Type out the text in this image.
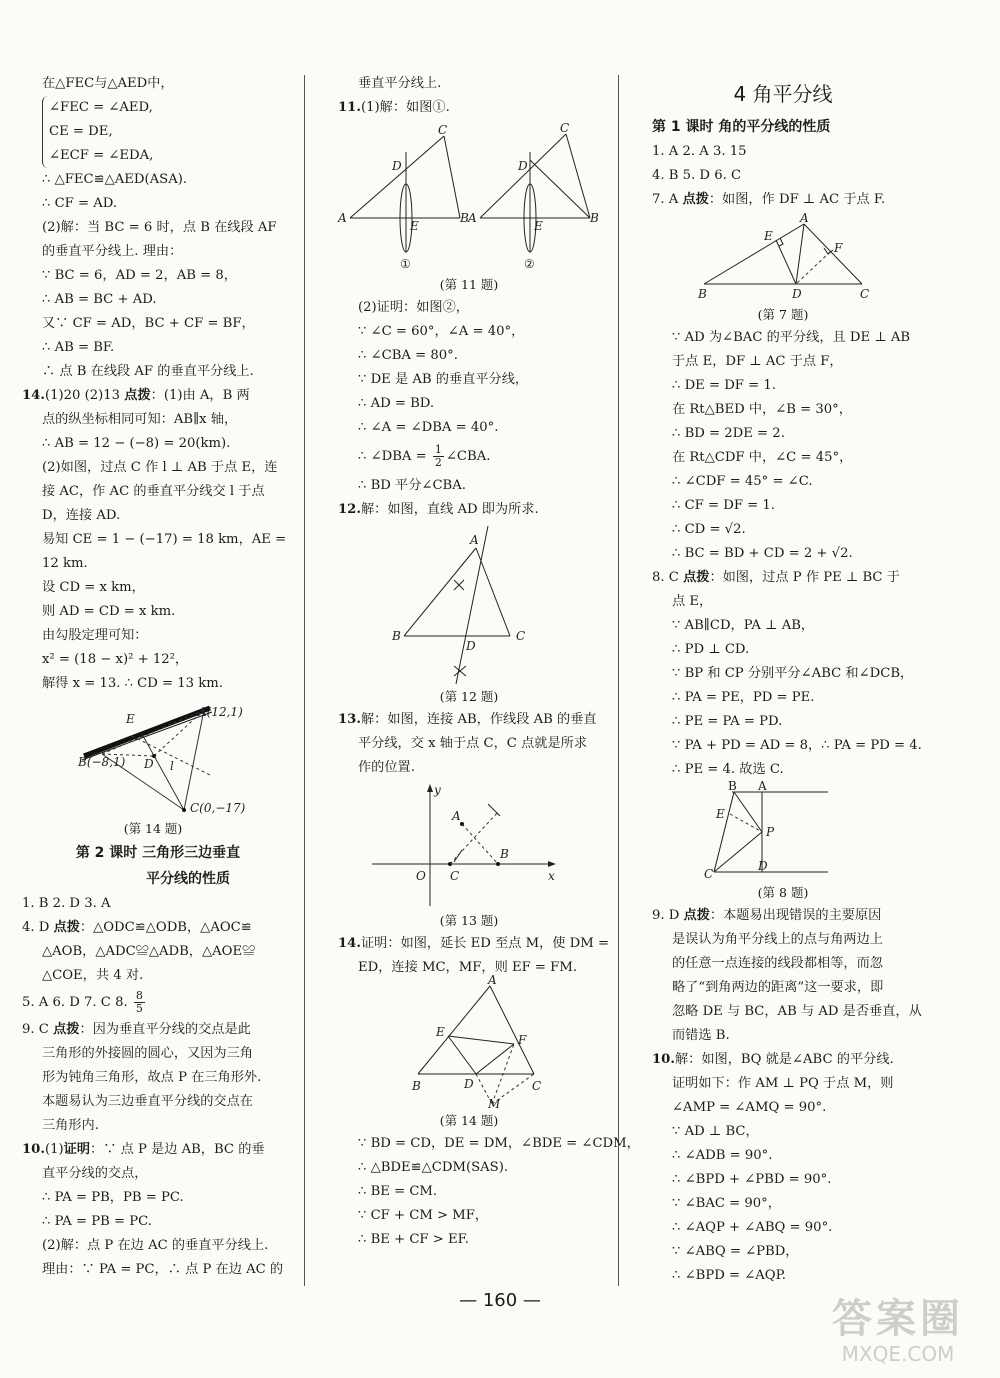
在△FEC与△AED中，
∠FEC = ∠AED,
CE = DE,
∠ECF = ∠EDA,
∴ △FEC≌△AED(ASA).
∴ CF = AD.
(2)解：当 BC = 6 时，点 B 在线段 AF
的垂直平分线上. 理由：
∵ BC = 6，AD = 2，AB = 8，
∴ AB = BC + AD.
又∵ CF = AD，BC + CF = BF，
∴ AB = BF.
∴ 点 B 在线段 AF 的垂直平分线上.
14.(1)20 (2)13 点拨：(1)由 A，B 两
点的纵坐标相同可知：AB∥x 轴，
∴ AB = 12 − (−8) = 20(km).
(2)如图，过点 C 作 l ⊥ AB 于点 E，连
接 AC，作 AC 的垂直平分线交 l 于点
D，连接 AD.
易知 CE = 1 − (−17) = 18 km，AE =
12 km.
设 CD = x km，
则 AD = CD = x km.
由勾股定理可知：
x² = (18 − x)² + 12²，
解得 x = 13. ∴ CD = 13 km.
E	A(12,1)
B(−8,1) D l
C(0,−17)
(第 14 题)
第 2 课时 三角形三边垂直
平分线的性质
1. B 2. D 3. A
4. D 点拨：△ODC≌△ODB，△AOC≌
△AOB，△ADC≌△ADB，△AOE≌
△COE，共 4 对.
5. A 6. D 7. C 8. $\frac{8}{5}$
9. C 点拨：因为垂直平分线的交点是此
三角形的外接圆的圆心，又因为三角
形为钝角三角形，故点 P 在三角形外.
本题易认为三边垂直平分线的交点在
三角形内.
10.(1)证明：∵ 点 P 是边 AB，BC 的垂
直平分线的交点，
∴ PA = PB，PB = PC.
∴ PA = PB = PC.
(2)解：点 P 在边 AC 的垂直平分线上.
理由：∵ PA = PC，∴ 点 P 在边 AC 的
垂直平分线上.
11.(1)解：如图①.
C
D
A
E
B
①
C
D
A
E
B
②
(第 11 题)
(2)证明：如图②，
∵ ∠C = 60°，∠A = 40°，
∴ ∠CBA = 80°.
∵ DE 是 AB 的垂直平分线，
∴ AD = BD.
∴ ∠A = ∠DBA = 40°.
∴ ∠DBA = $\frac{1}{2}$ ∠CBA.
∴ BD 平分∠CBA.
12.解：如图，直线 AD 即为所求.
A
B	C
D
(第 12 题)
13.解：如图，连接 AB，作线段 AB 的垂直
平分线，交 x 轴于点 C，C 点就是所求
作的位置.
y
x
O
A
B
C
(第 13 题)
14.证明：如图，延长 ED 至点 M，使 DM =
ED，连接 MC，MF，则 EF = FM.
A
B	C
D
E
F
M
(第 14 题)
∵ BD = CD，DE = DM，∠BDE = ∠CDM，
∴ △BDE≌△CDM(SAS).
∴ BE = CM.
∵ CF + CM > MF，
∴ BE + CF > EF.
4 角平分线
第 1 课时 角的平分线的性质
1. A 2. A 3. 15
4. B 5. D 6. C
7. A 点拨：如图，作 DF ⊥ AC 于点 F.
A
B	C
D
E
F
(第 7 题)
∵ AD 为∠BAC 的平分线，且 DE ⊥ AB
于点 E，DF ⊥ AC 于点 F，
∴ DE = DF = 1.
在 Rt△BED 中，∠B = 30°，
∴ BD = 2DE = 2.
在 Rt△CDF 中，∠C = 45°，
∴ ∠CDF = 45° = ∠C.
∴ CF = DF = 1.
∴ CD = √2.
∴ BC = BD + CD = 2 + √2.
8. C 点拨：如图，过点 P 作 PE ⊥ BC 于
点 E，
∵ AB∥CD，PA ⊥ AB，
∴ PD ⊥ CD.
∵ BP 和 CP 分别平分∠ABC 和∠DCB，
∴ PA = PE，PD = PE.
∴ PE = PA = PD.
∵ PA + PD = AD = 8，∴ PA = PD = 4.
∴ PE = 4. 故选 C.
B A
E
P
C
D
(第 8 题)
9. D 点拨：本题易出现错误的主要原因
是误认为角平分线上的点与角两边上
的任意一点连接的线段都相等，而忽
略了“到角两边的距离”这一要求，即
忽略 DE 与 BC，AB 与 AD 是否垂直，从
而错选 B.
10.解：如图，BQ 就是∠ABC 的平分线.
证明如下：作 AM ⊥ PQ 于点 M，则
∠AMP = ∠AMQ = 90°.
∵ AD ⊥ BC，
∴ ∠ADB = 90°.
∴ ∠BPD + ∠PBD = 90°.
∵ ∠BAC = 90°，
∴ ∠AQP + ∠ABQ = 90°.
∵ ∠ABQ = ∠PBD，
∴ ∠BPD = ∠AQP.
— 160 —	答案圈
MXQE.COM
